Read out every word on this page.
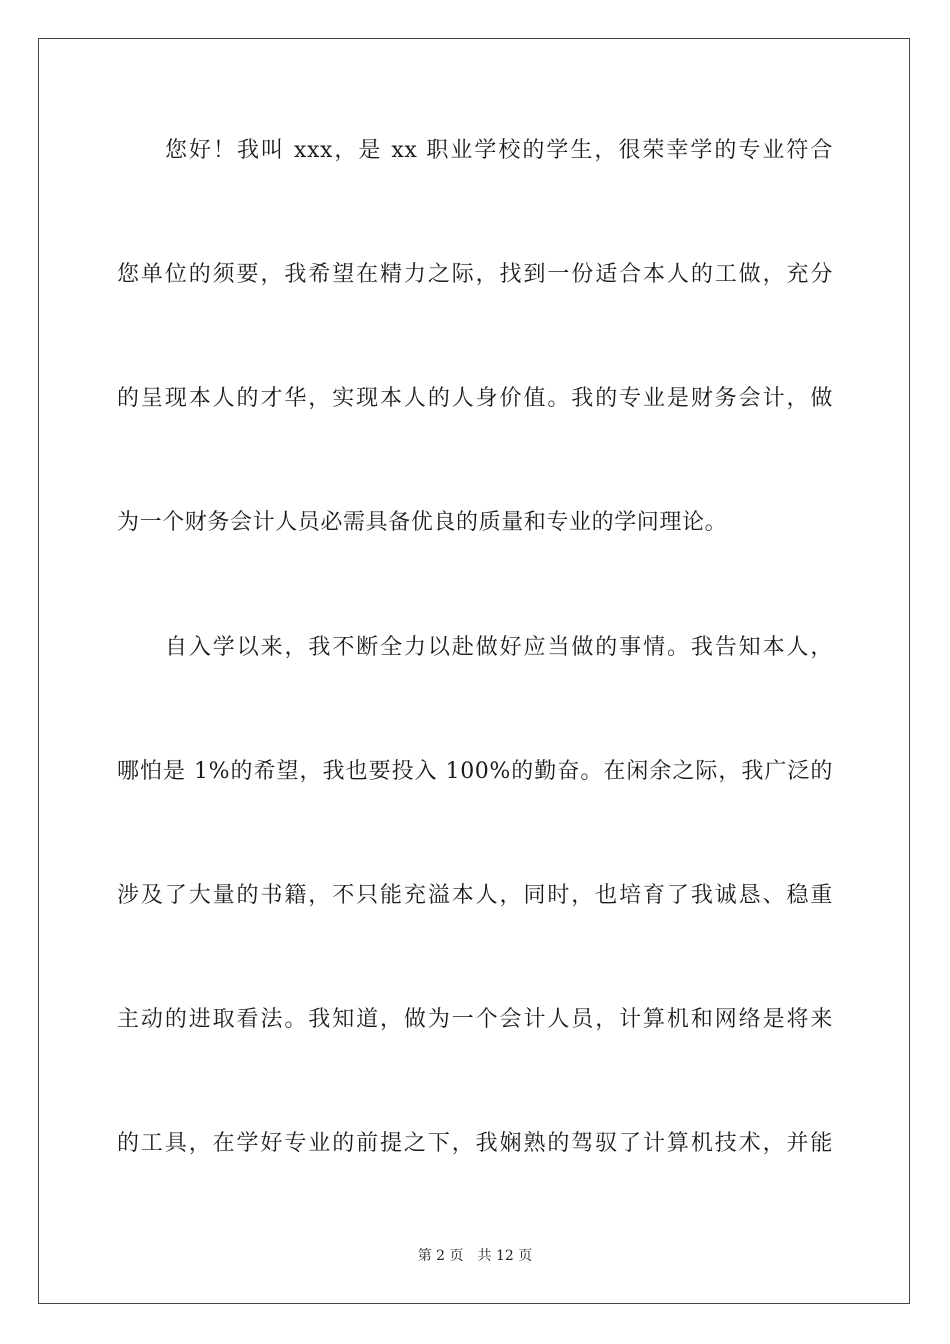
您好！我叫 xxx，是 xx 职业学校的学生，很荣幸学的专业符合
您单位的须要，我希望在精力之际，找到一份适合本人的工做，充分
的呈现本人的才华，实现本人的人身价值。我的专业是财务会计，做
为一个财务会计人员必需具备优良的质量和专业的学问理论。
自入学以来，我不断全力以赴做好应当做的事情。我告知本人，
哪怕是 1%的希望，我也要投入 100%的勤奋。在闲余之际，我广泛的
涉及了大量的书籍，不只能充溢本人，同时，也培育了我诚恳、稳重
主动的进取看法。我知道，做为一个会计人员，计算机和网络是将来
的工具，在学好专业的前提之下，我娴熟的驾驭了计算机技术，并能
第 2 页 共 12 页
